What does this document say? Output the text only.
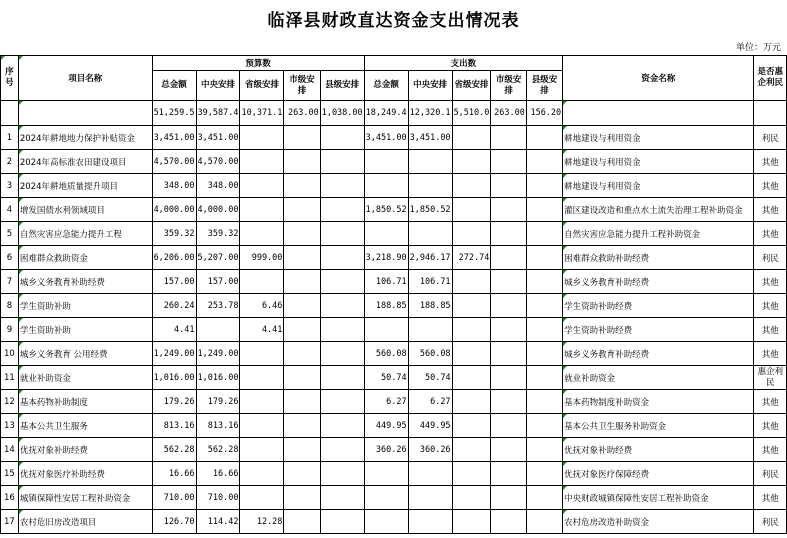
临泽县财政直达资金支出情况表
单位：万元
序号	项目名称	预算数					支出数					资金名称	是否惠企利民
		总金额	中央安排	省级安排	市级安排	县级安排	总金额	中央安排	省级安排	市级安排	县级安排		
		51,259.5	39,587.4	10,371.1	263.00	1,038.00	18,249.4	12,320.1	5,510.0	263.00	156.20		
1	2024年耕地地力保护补贴资金	3,451.00	3,451.00				3,451.00	3,451.00				耕地建设与利用资金	利民
2	2024年高标准农田建设项目	4,570.00	4,570.00									耕地建设与利用资金	其他
3	2024年耕地质量提升项目	348.00	348.00									耕地建设与利用资金	其他
4	增发国债水利领域项目	4,000.00	4,000.00				1,850.52	1,850.52				灌区建设改造和重点水土流失治理工程补助资金	其他
5	自然灾害应急能力提升工程	359.32	359.32									自然灾害应急能力提升工程补助资金	其他
6	困难群众救助资金	6,206.00	5,207.00	999.00			3,218.90	2,946.17	272.74			困难群众救助补助经费	利民
7	城乡义务教育补助经费	157.00	157.00				106.71	106.71				城乡义务教育补助经费	其他
8	学生资助补助	260.24	253.78	6.46			188.85	188.85				学生资助补助经费	其他
9	学生资助补助	4.41		4.41								学生资助补助经费	其他
10	城乡义务教育 公用经费	1,249.00	1,249.00				560.08	560.08				城乡义务教育补助经费	其他
11	就业补助资金	1,016.00	1,016.00				50.74	50.74				就业补助资金	惠企利民
12	基本药物补助制度	179.26	179.26				6.27	6.27				基本药物制度补助资金	其他
13	基本公共卫生服务	813.16	813.16				449.95	449.95				基本公共卫生服务补助资金	其他
14	优抚对象补助经费	562.28	562.28				360.26	360.26				优抚对象补助经费	其他
15	优抚对象医疗补助经费	16.66	16.66									优抚对象医疗保障经费	利民
16	城镇保障性安居工程补助资金	710.00	710.00									中央财政城镇保障性安居工程补助资金	其他
17	农村危旧房改造项目	126.70	114.42	12.28								农村危房改造补助资金	利民
